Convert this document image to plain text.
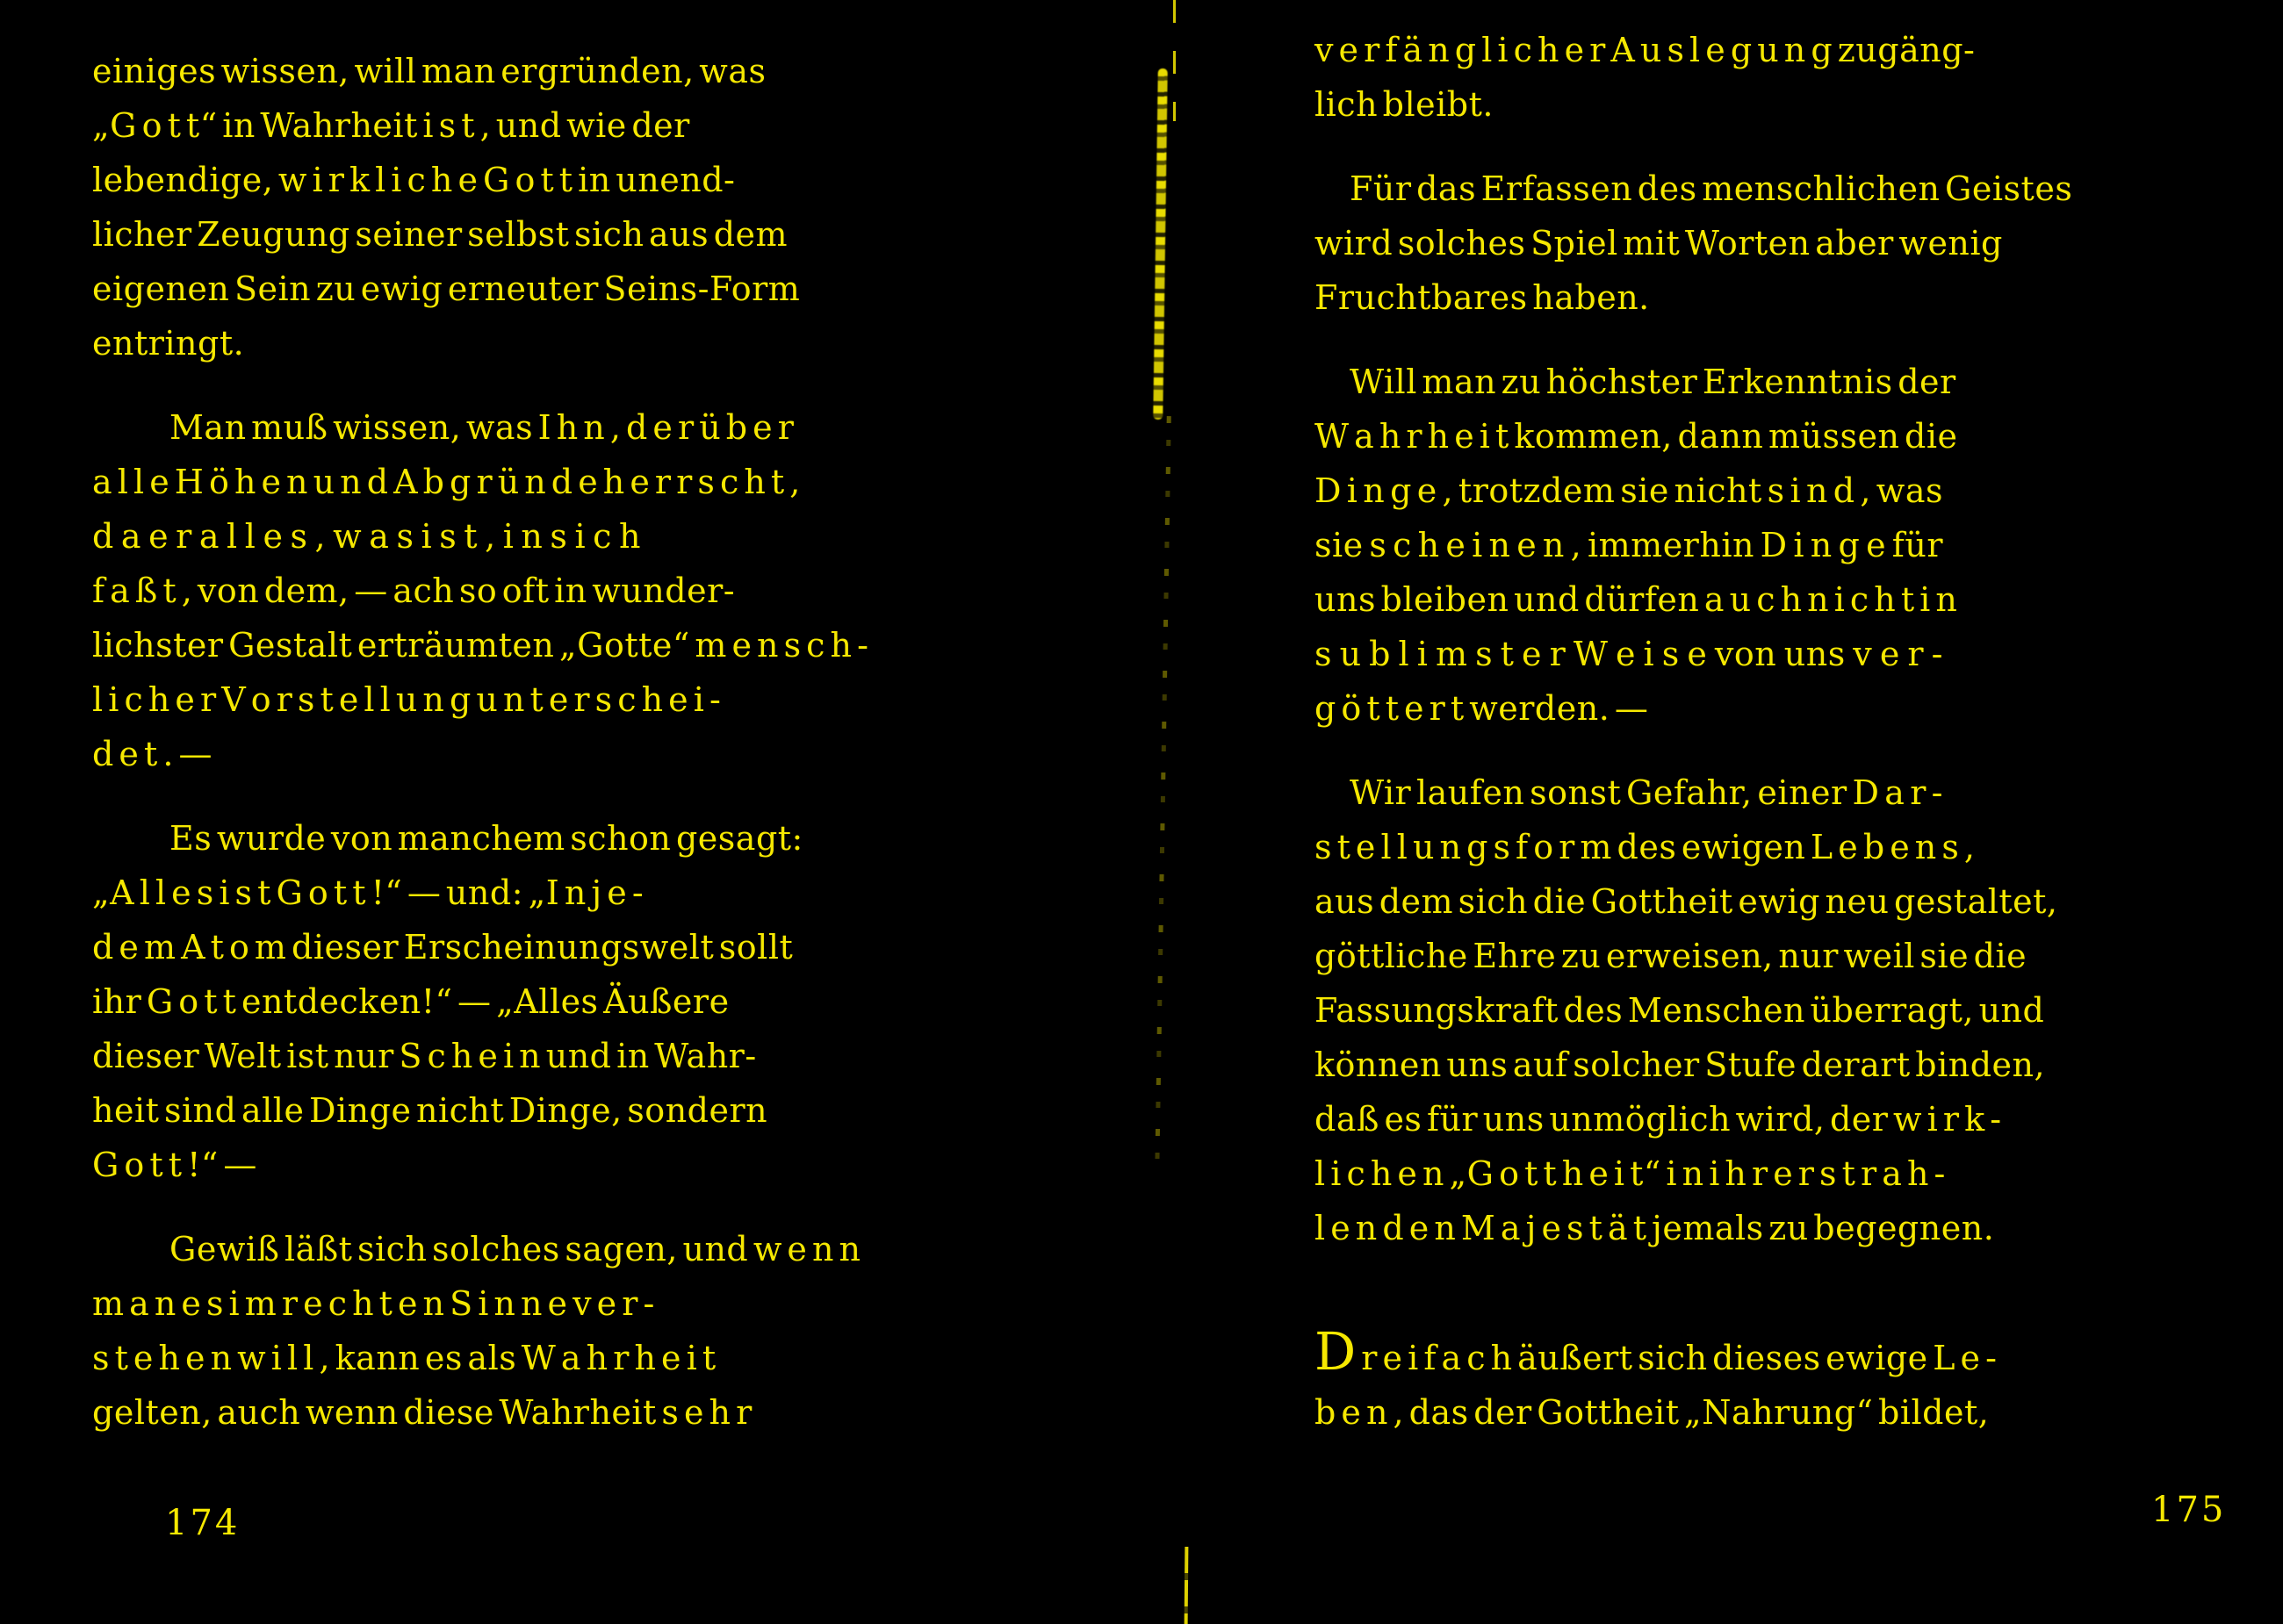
einiges wissen, will man ergründen, was
„G o t t“ in Wahrheit i s t , und wie der
lebendige, w i r k l i c h e G o t t in unend-
licher Zeugung seiner selbst sich aus dem
eigenen Sein zu ewig erneuter Seins-Form
entringt.
Man muß wissen, was I h n , d e r ü b e r
a l l e H ö h e n u n d A b g r ü n d e h e r r s c h t ,
d a e r a l l e s , w a s i s t , i n s i c h
f a ß t , von dem, — ach so oft in wunder-
lichster Gestalt erträumten „Gotte“ m e n s c h -
l i c h e r V o r s t e l l u n g u n t e r s c h e i -
d e t . —
Es wurde von manchem schon gesagt:
„A l l e s i s t G o t t !“ — und: „I n j e -
d e m A t o m dieser Erscheinungswelt sollt
ihr G o t t entdecken!“ — „Alles Äußere
dieser Welt ist nur S c h e i n und in Wahr-
heit sind alle Dinge nicht Dinge, sondern
G o t t !“ —
Gewiß läßt sich solches sagen, und w e n n
m a n e s i m r e c h t e n S i n n e v e r -
s t e h e n w i l l , kann es als W a h r h e i t
gelten, auch wenn diese Wahrheit s e h r
174
v e r f ä n g l i c h e r A u s l e g u n g zugäng-
lich bleibt.
Für das Erfassen des menschlichen Geistes
wird solches Spiel mit Worten aber wenig
Fruchtbares haben.
Will man zu höchster Erkenntnis der
W a h r h e i t kommen, dann müssen die
D i n g e , trotzdem sie nicht s i n d , was
sie s c h e i n e n , immerhin D i n g e für
uns bleiben und dürfen a u c h n i c h t i n
s u b l i m s t e r W e i s e von uns v e r -
g ö t t e r t werden. —
Wir laufen sonst Gefahr, einer D a r -
s t e l l u n g s f o r m des ewigen L e b e n s ,
aus dem sich die Gottheit ewig neu gestaltet,
göttliche Ehre zu erweisen, nur weil sie die
Fassungskraft des Menschen überragt, und
können uns auf solcher Stufe derart binden,
daß es für uns unmöglich wird, der w i r k -
l i c h e n „G o t t h e i t“ i n i h r e r s t r a h -
l e n d e n M a j e s t ä t jemals zu begegnen.
D r e i f a c h äußert sich dieses ewige L e -
b e n , das der Gottheit „Nahrung“ bildet,
175
